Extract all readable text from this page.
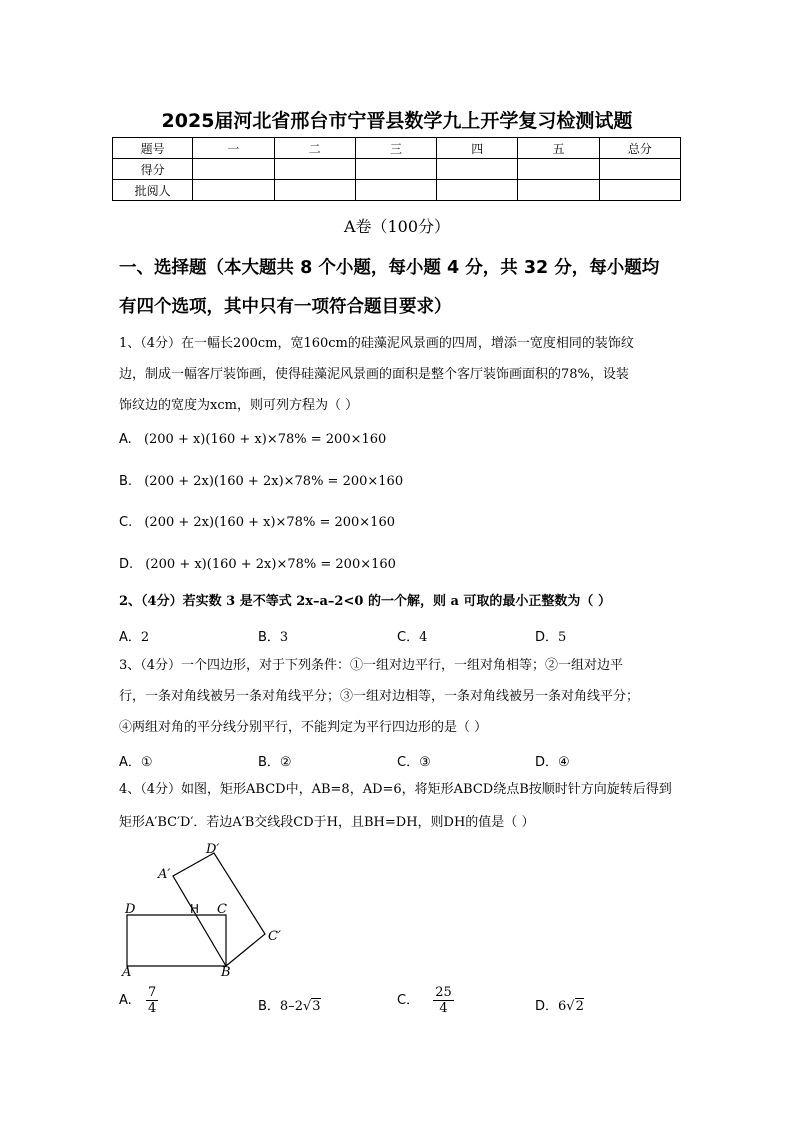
2025届河北省邢台市宁晋县数学九上开学复习检测试题
题号	一	二	三	四	五	总分
得分						
批阅人						
A卷（100分）
一、选择题（本大题共 8 个小题，每小题 4 分，共 32 分，每小题均
有四个选项，其中只有一项符合题目要求）
1、（4分）在一幅长200cm，宽160cm的硅藻泥风景画的四周，增添一宽度相同的装饰纹
边，制成一幅客厅装饰画，使得硅藻泥风景画的面积是整个客厅装饰画面积的78%，设装
饰纹边的宽度为xcm，则可列方程为（ ）
A. (200 + x)(160 + x)×78% = 200×160
B. (200 + 2x)(160 + 2x)×78% = 200×160
C. (200 + 2x)(160 + x)×78% = 200×160
D. (200 + x)(160 + 2x)×78% = 200×160
2、（4分）若实数 3 是不等式 2x–a–2<0 的一个解，则 a 可取的最小正整数为（ ）
A．2	B．3	C．4	D．5
3、（4分）一个四边形，对于下列条件：①一组对边平行，一组对角相等；②一组对边平
行，一条对角线被另一条对角线平分；③一组对边相等，一条对角线被另一条对角线平分；
④两组对角的平分线分别平行，不能判定为平行四边形的是（ ）
A．①	B．②	C．③	D．④
4、（4分）如图，矩形ABCD中，AB=8，AD=6，将矩形ABCD绕点B按顺时针方向旋转后得到
矩形A′BC′D′．若边A′B交线段CD于H，且BH=DH，则DH的值是（ ）
D′
A′
D	H C
C′
A	B
A. $\frac{7}{4}$	B．8–2√3	C． $\frac{25}{4}$	D．6√2
